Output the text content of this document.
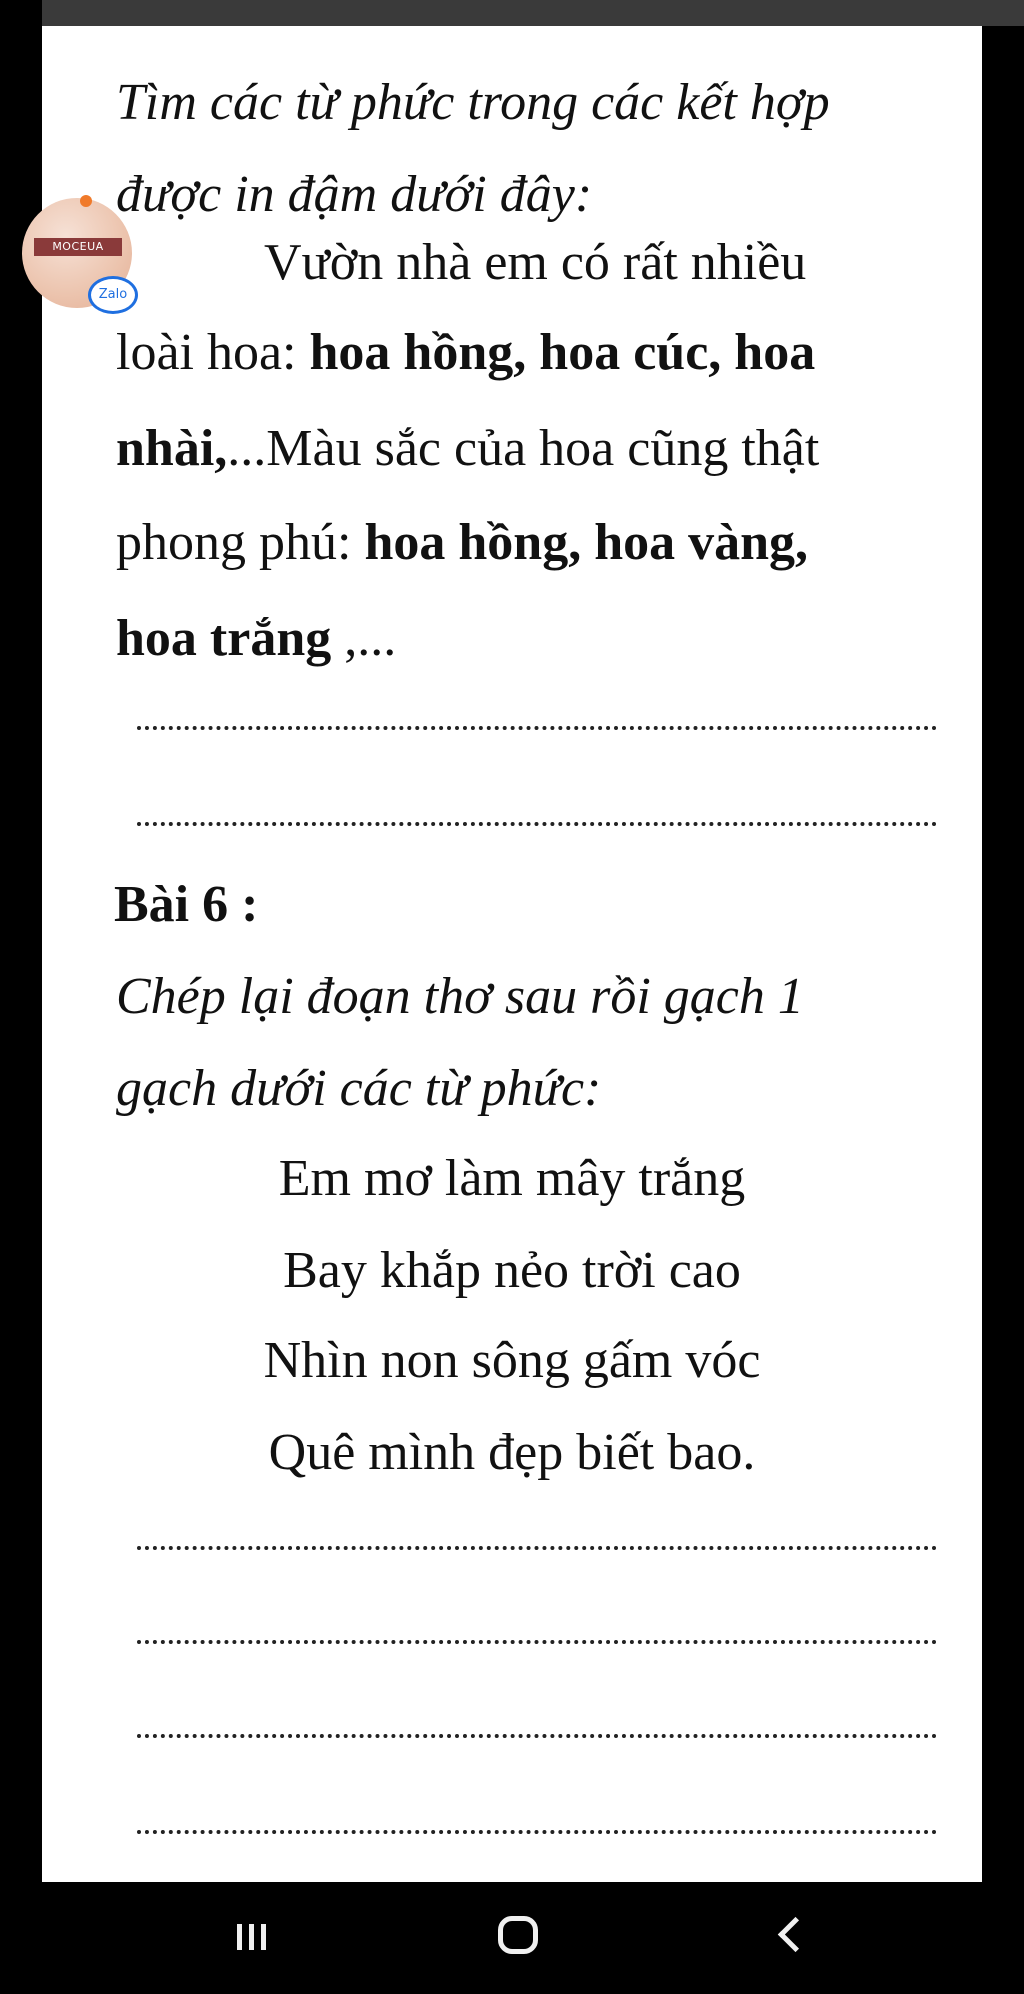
Tìm các từ phức trong các kết hợp
được in đậm dưới đây:
Vườn nhà em có rất nhiều
loài hoa: hoa hồng, hoa cúc, hoa
nhài,...Màu sắc của hoa cũng thật
phong phú: hoa hồng, hoa vàng,
hoa trắng ,...
Bài 6 :
Chép lại đoạn thơ sau rồi gạch 1
gạch dưới các từ phức:
Em mơ làm mây trắng
Bay khắp nẻo trời cao
Nhìn non sông gấm vóc
Quê mình đẹp biết bao.
MOCEUA
Zalo
